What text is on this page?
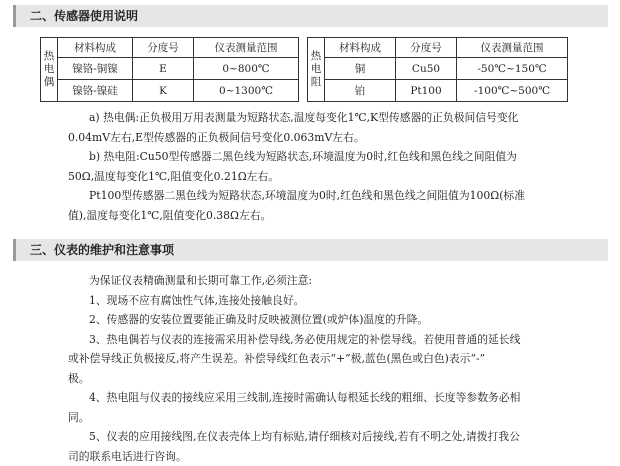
二、传感器使用说明
热电偶	材料构成	分度号	仪表测量范围
	镍铬-铜镍	E	0~800℃
	镍铬-镍硅	K	0~1300℃
热电阻	材料构成	分度号	仪表测量范围
	铜	Cu50	-50℃~150℃
	铂	Pt100	-100℃~500℃

a) 热电偶:正负极用万用表测量为短路状态,温度每变化1℃,K型传感器的正负极间信号变化

0.04mV左右,E型传感器的正负极间信号变化0.063mV左右。

b) 热电阻:Cu50型传感器二黑色线为短路状态,环境温度为0时,红色线和黑色线之间阻值为

50Ω,温度每变化1℃,阻值变化0.21Ω左右。

Pt100型传感器二黑色线为短路状态,环境温度为0时,红色线和黑色线之间阻值为100Ω(标准

值),温度每变化1℃,阻值变化0.38Ω左右。

三、仪表的维护和注意事项

为保证仪表精确测量和长期可靠工作,必须注意:

1、现场不应有腐蚀性气体,连接处接触良好。

2、传感器的安装位置要能正确及时反映被测位置(或炉体)温度的升降。

3、热电偶若与仪表的连接需采用补偿导线,务必使用规定的补偿导线。若使用普通的延长线

或补偿导线正负极接反,将产生误差。补偿导线红色表示“+”极,蓝色(黑色或白色)表示“-”

极。

4、热电阻与仪表的接线应采用三线制,连接时需确认每根延长线的粗细、长度等参数务必相

同。

5、仪表的应用接线图,在仪表壳体上均有标贴,请仔细核对后接线,若有不明之处,请拨打我公

司的联系电话进行咨询。
